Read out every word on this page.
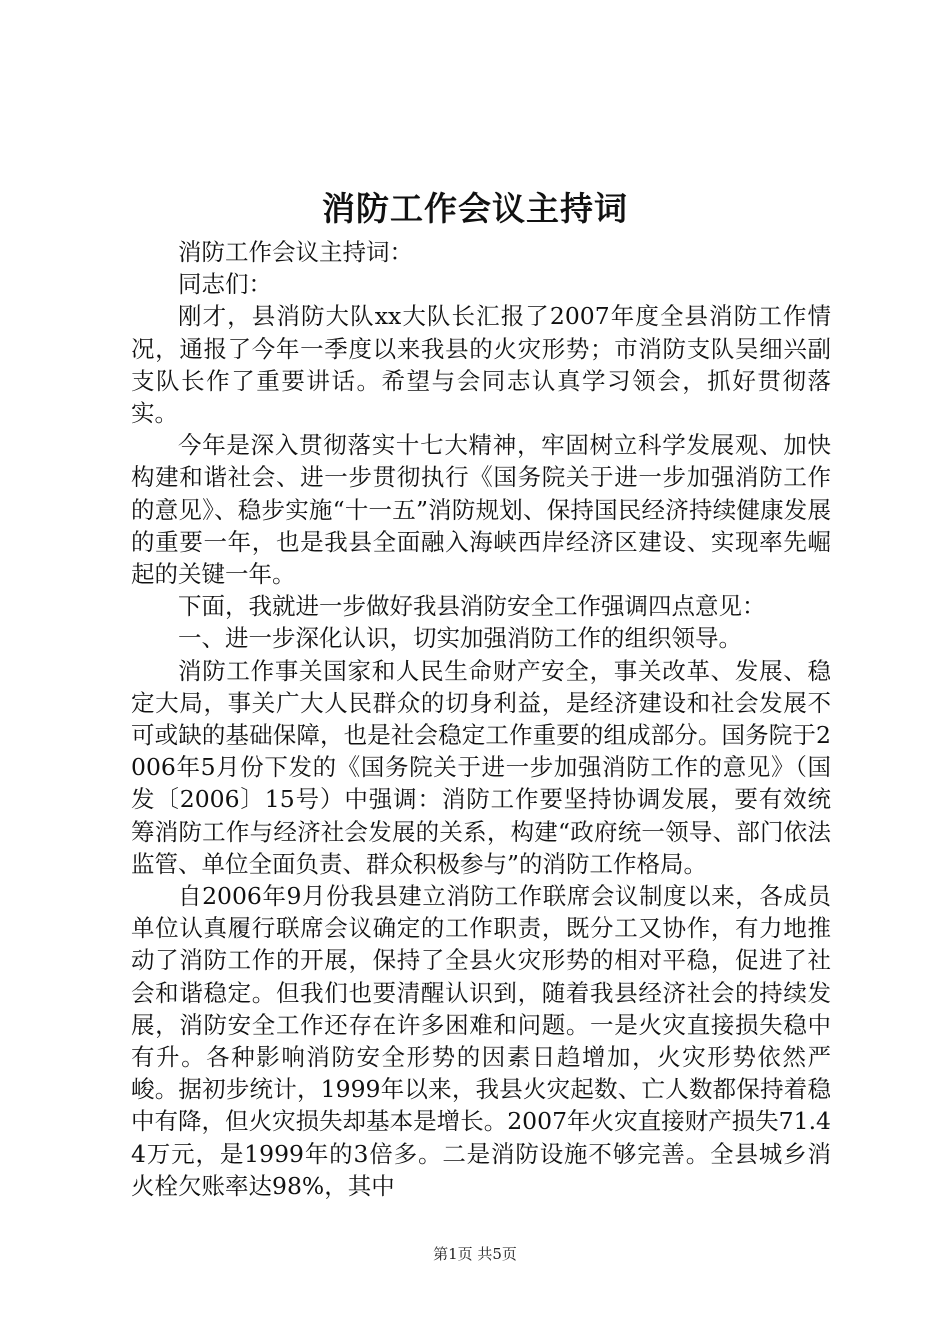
消防工作会议主持词

消防工作会议主持词：

同志们：

刚才，县消防大队xx大队长汇报了2007年度全县消防工作情况，通报了今年一季度以来我县的火灾形势；市消防支队吴细兴副支队长作了重要讲话。希望与会同志认真学习领会，抓好贯彻落实。

今年是深入贯彻落实十七大精神，牢固树立科学发展观、加快构建和谐社会、进一步贯彻执行《国务院关于进一步加强消防工作的意见》、稳步实施“十一五”消防规划、保持国民经济持续健康发展的重要一年，也是我县全面融入海峡西岸经济区建设、实现率先崛起的关键一年。

下面，我就进一步做好我县消防安全工作强调四点意见：

一、进一步深化认识，切实加强消防工作的组织领导。

消防工作事关国家和人民生命财产安全，事关改革、发展、稳定大局，事关广大人民群众的切身利益，是经济建设和社会发展不可或缺的基础保障，也是社会稳定工作重要的组成部分。国务院于2006年5月份下发的《国务院关于进一步加强消防工作的意见》（国发〔2006〕15号）中强调：消防工作要坚持协调发展，要有效统筹消防工作与经济社会发展的关系，构建“政府统一领导、部门依法监管、单位全面负责、群众积极参与”的消防工作格局。

自2006年9月份我县建立消防工作联席会议制度以来，各成员单位认真履行联席会议确定的工作职责，既分工又协作，有力地推动了消防工作的开展，保持了全县火灾形势的相对平稳，促进了社会和谐稳定。但我们也要清醒认识到，随着我县经济社会的持续发展，消防安全工作还存在许多困难和问题。一是火灾直接损失稳中有升。各种影响消防安全形势的因素日趋增加，火灾形势依然严峻。据初步统计，1999年以来，我县火灾起数、亡人数都保持着稳中有降，但火灾损失却基本是增长。2007年火灾直接财产损失71.44万元，是1999年的3倍多。二是消防设施不够完善。全县城乡消火栓欠账率达98%，其中

第1页 共5页
